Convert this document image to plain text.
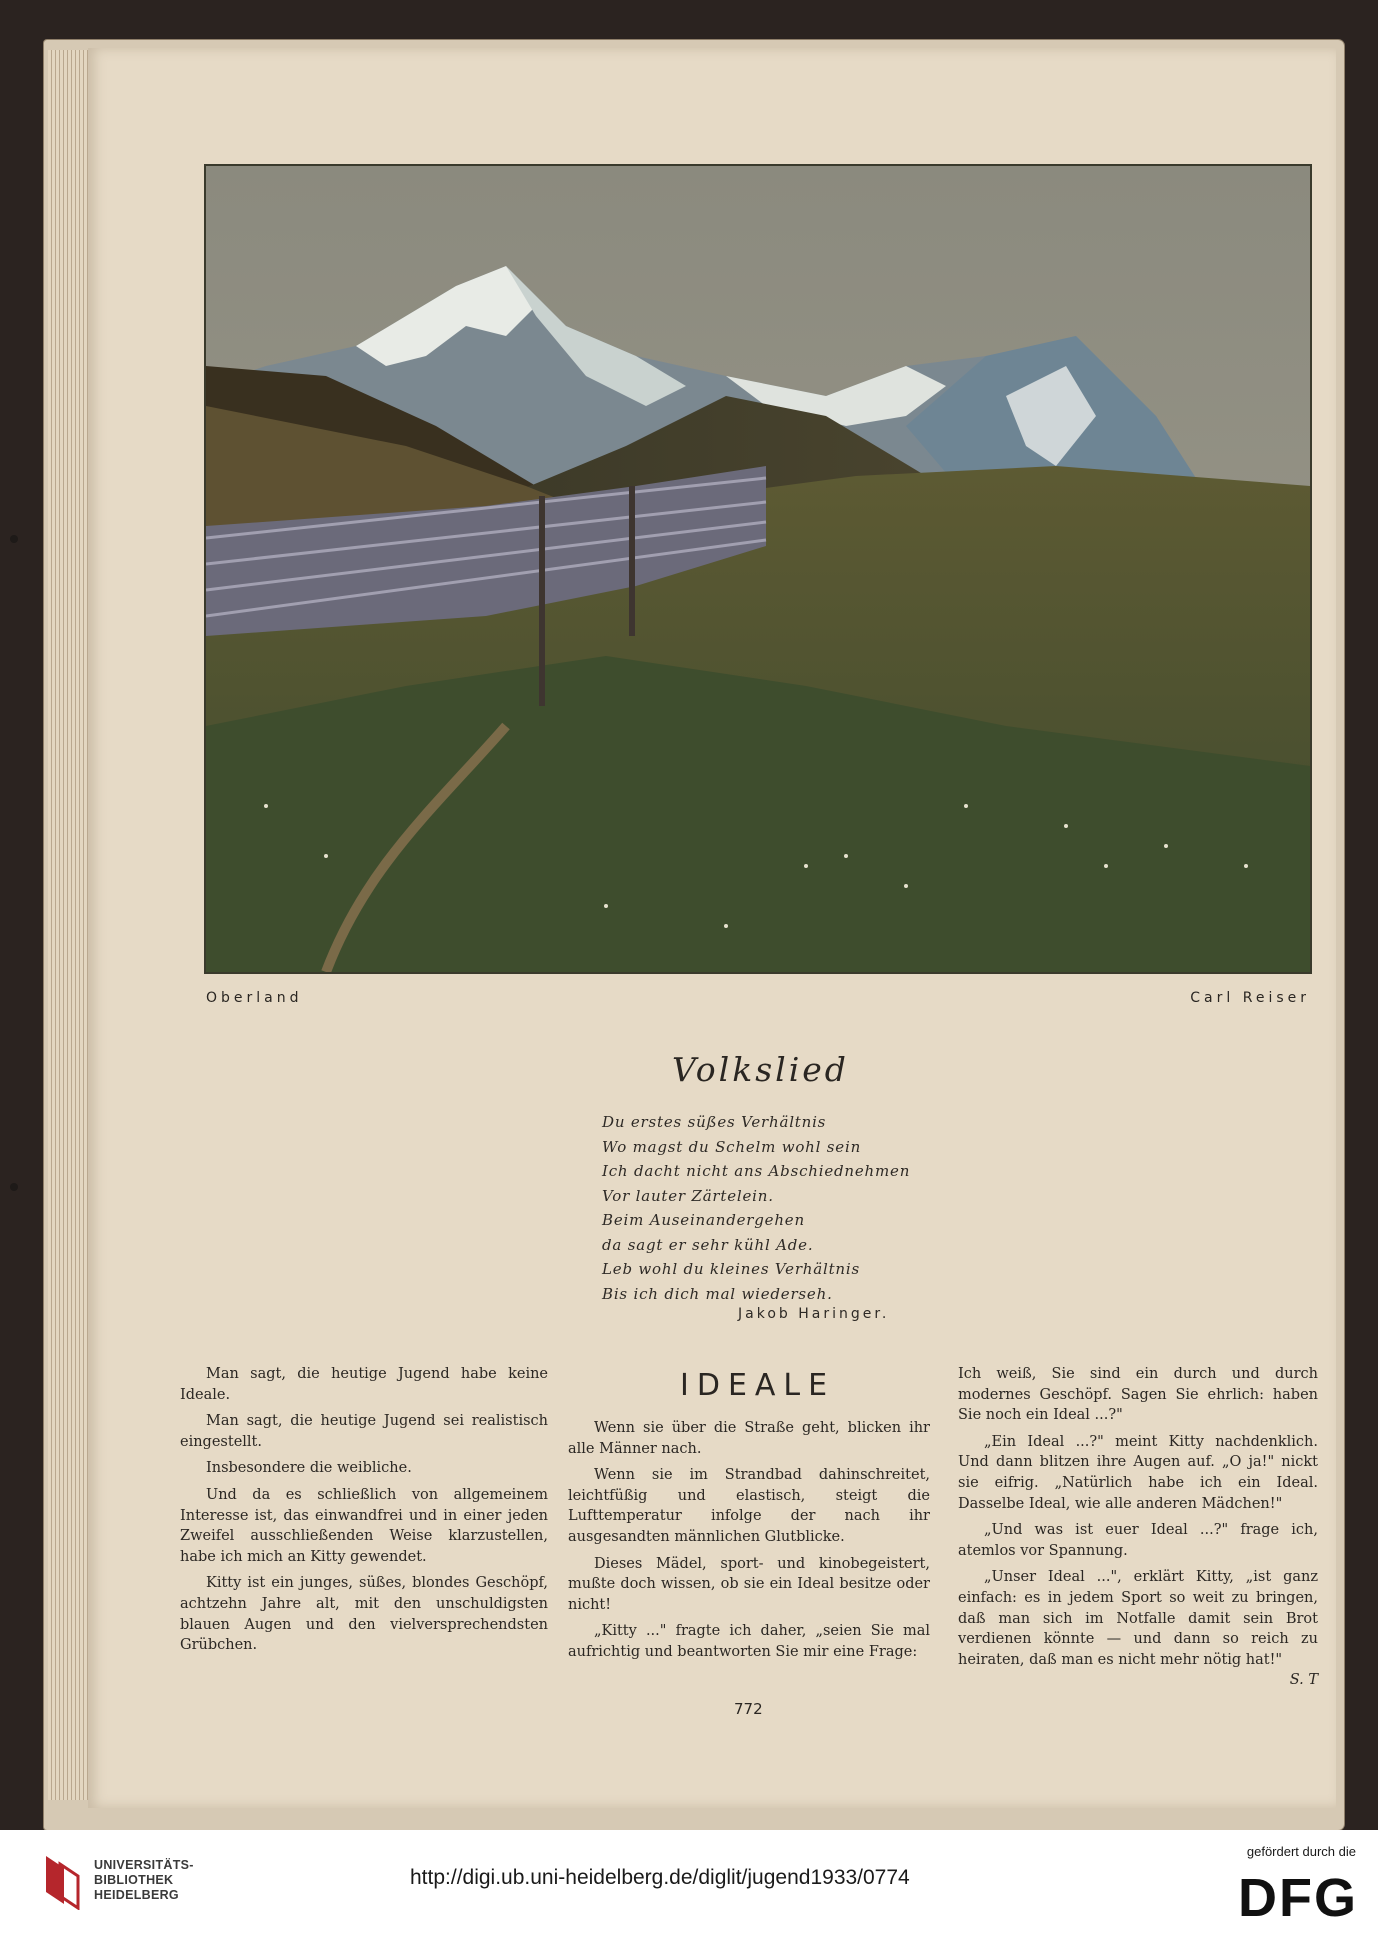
Oberland	Carl Reiser
Volkslied
Du erstes süßes Verhältnis
Wo magst du Schelm wohl sein
Ich dacht nicht ans Abschiednehmen
Vor lauter Zärtelein.
Beim Auseinandergehen
da sagt er sehr kühl Ade.
Leb wohl du kleines Verhältnis
Bis ich dich mal wiederseh.
Jakob Haringer.
IDEALE

Man sagt, die heutige Jugend habe keine Ideale.

Man sagt, die heutige Jugend sei realistisch eingestellt.

Insbesondere die weibliche.

Und da es schließlich von allgemeinem Interesse ist, das einwandfrei und in einer jeden Zweifel ausschließenden Weise klarzustellen, habe ich mich an Kitty gewendet.

Kitty ist ein junges, süßes, blondes Geschöpf, achtzehn Jahre alt, mit den unschuldigsten blauen Augen und den vielversprechendsten Grübchen.

Wenn sie über die Straße geht, blicken ihr alle Männer nach.

Wenn sie im Strandbad dahinschreitet, leichtfüßig und elastisch, steigt die Lufttemperatur infolge der nach ihr ausgesandten männlichen Glutblicke.

Dieses Mädel, sport- und kinobegeistert, mußte doch wissen, ob sie ein Ideal besitze oder nicht!

„Kitty ..." fragte ich daher, „seien Sie mal aufrichtig und beantworten Sie mir eine Frage:

Ich weiß, Sie sind ein durch und durch modernes Geschöpf. Sagen Sie ehrlich: haben Sie noch ein Ideal ...?"

„Ein Ideal ...?" meint Kitty nachdenklich. Und dann blitzen ihre Augen auf. „O ja!" nickt sie eifrig. „Natürlich habe ich ein Ideal. Dasselbe Ideal, wie alle anderen Mädchen!"

„Und was ist euer Ideal ...?" frage ich, atemlos vor Spannung.

„Unser Ideal ...", erklärt Kitty, „ist ganz einfach: es in jedem Sport so weit zu bringen, daß man sich im Notfalle damit sein Brot verdienen könnte — und dann so reich zu heiraten, daß man es nicht mehr nötig hat!"
S. T

772
UNIVERSITÄTS-
BIBLIOTHEK
HEIDELBERG
http://digi.ub.uni-heidelberg.de/diglit/jugend1933/0774
gefördert durch die
DFG
